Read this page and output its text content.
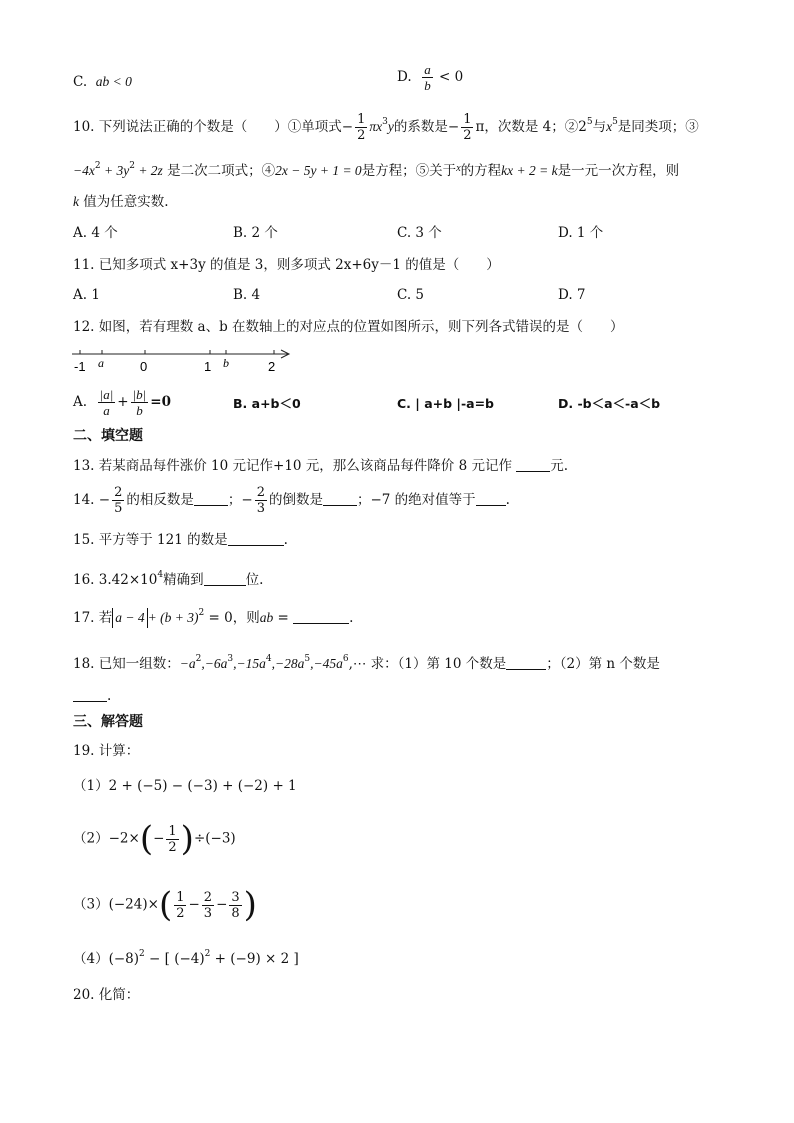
C. ab < 0	D. $\frac{a}{b} < 0$
10. 下列说法正确的个数是（　　）①单项式− $\frac{1}{2} \pi x^3y$的系数是− $\frac{1}{2}$ π，次数是 4；$②2^5$与$x^5$是同类项；③
$-4x^2 + 3y^2 + 2z$ 是二次二项式；④2x − 5y + 1 = 0是方程；⑤关于$^x$的方程kx + 2 = k是一元一次方程，则
k 值为任意实数.
A. 4 个	B. 2 个	C. 3 个	D. 1 个
11. 已知多项式 x+3y 的值是 3，则多项式 2x+6y－1 的值是（　　）
A. 1	B. 4	C. 5	D. 7
12. 如图，若有理数 a、b 在数轴上的对应点的位置如图所示，则下列各式错误的是（　　）
-1 a	0	1 b	2
A. $\frac{|a|}{a} + \frac{|b|}{b} =0$	B. a+b＜0	C. | a+b |-a=b	D. -b＜a＜-a＜b
二、填空题
13. 若某商品每件涨价 10 元记作+10 元，那么该商品每件降价 8 元记作	元.
14. − $\frac{2}{5}$ 的相反数是	；− $\frac{2}{3}$ 的倒数是	；−7 的绝对值等于 .
15. 平方等于 121 的数是	.
16. $3.42\times 10^4$精确到	位.
17. 若 $a - 4 + (b + 3)^2 = 0$，则ab =	.
18. 已知一组数：$-a^2,-6a^3,-15a^4,-28a^5,-45a^6,\cdots$ 求：（1）第 10 个数是	；（2）第 n 个数是
.
三、解答题
19. 计算：
（1）2 + (−5) − (−3) + (−2) + 1
$(2)-2\times(- \frac{1}{2} )\div(-3)$
$(3)(-24)\times( \frac{1}{2} - \frac{2}{3} - \frac{3}{8}$ )
$(4)(-8)^2$ − [ $(-4)^2 + (-9) \times 2$ ]
20. 化简：
